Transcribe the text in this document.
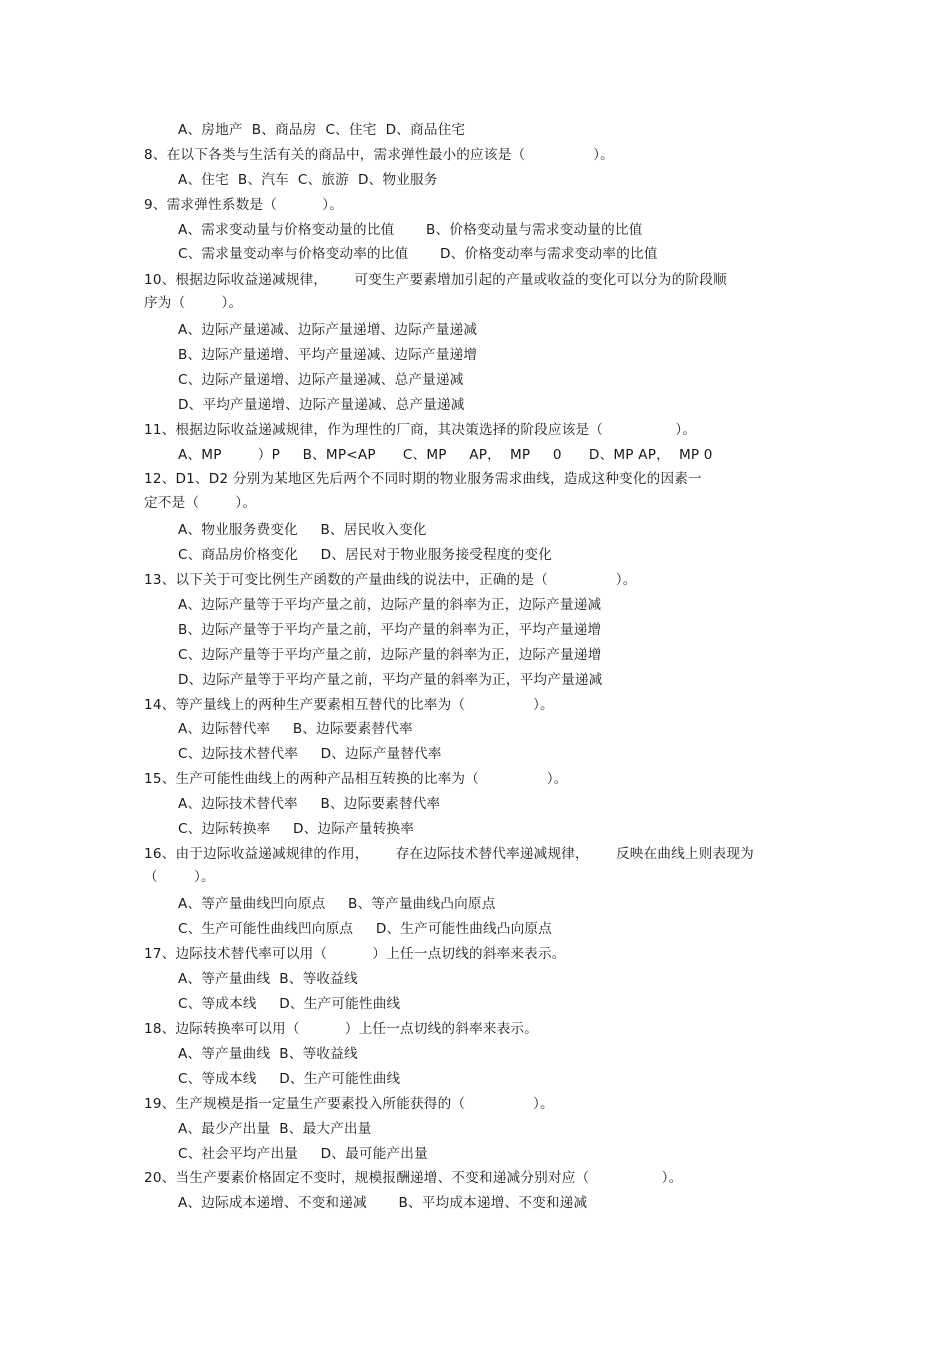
A、房地产  B、商品房  C、住宅  D、商品住宅
8、在以下各类与生活有关的商品中，需求弹性最小的应该是（               ）。
A、住宅  B、汽车  C、旅游  D、物业服务
9、需求弹性系数是（          ）。
A、需求变动量与价格变动量的比值       B、价格变动量与需求变动量的比值
C、需求量变动率与价格变动率的比值       D、价格变动率与需求变动率的比值
10、根据边际收益递减规律，      可变生产要素增加引起的产量或收益的变化可以分为的阶段顺
序为（        ）。
A、边际产量递减、边际产量递增、边际产量递减
B、边际产量递增、平均产量递减、边际产量递增
C、边际产量递增、边际产量递减、总产量递减
D、平均产量递增、边际产量递减、总产量递减
11、根据边际收益递减规律，作为理性的厂商，其决策选择的阶段应该是（                ）。
A、MP        ）P     B、MP<AP      C、MP     AP，  MP     0      D、MP AP，  MP 0
12、D1、D2 分别为某地区先后两个不同时期的物业服务需求曲线，造成这种变化的因素一
定不是（        ）。
A、物业服务费变化     B、居民收入变化
C、商品房价格变化     D、居民对于物业服务接受程度的变化
13、以下关于可变比例生产函数的产量曲线的说法中，正确的是（               ）。
A、边际产量等于平均产量之前，边际产量的斜率为正，边际产量递减
B、边际产量等于平均产量之前，平均产量的斜率为正，平均产量递增
C、边际产量等于平均产量之前，边际产量的斜率为正，边际产量递增
D、边际产量等于平均产量之前，平均产量的斜率为正，平均产量递减
14、等产量线上的两种生产要素相互替代的比率为（               ）。
A、边际替代率     B、边际要素替代率
C、边际技术替代率     D、边际产量替代率
15、生产可能性曲线上的两种产品相互转换的比率为（               ）。
A、边际技术替代率     B、边际要素替代率
C、边际转换率     D、边际产量转换率
16、由于边际收益递减规律的作用，      存在边际技术替代率递减规律，      反映在曲线上则表现为
（        ）。
A、等产量曲线凹向原点     B、等产量曲线凸向原点
C、生产可能性曲线凹向原点     D、生产可能性曲线凸向原点
17、边际技术替代率可以用（          ）上任一点切线的斜率来表示。
A、等产量曲线  B、等收益线
C、等成本线     D、生产可能性曲线
18、边际转换率可以用（          ）上任一点切线的斜率来表示。
A、等产量曲线  B、等收益线
C、等成本线     D、生产可能性曲线
19、生产规模是指一定量生产要素投入所能获得的（               ）。
A、最少产出量  B、最大产出量
C、社会平均产出量     D、最可能产出量
20、当生产要素价格固定不变时，规模报酬递增、不变和递减分别对应（                ）。
A、边际成本递增、不变和递减       B、平均成本递增、不变和递减
